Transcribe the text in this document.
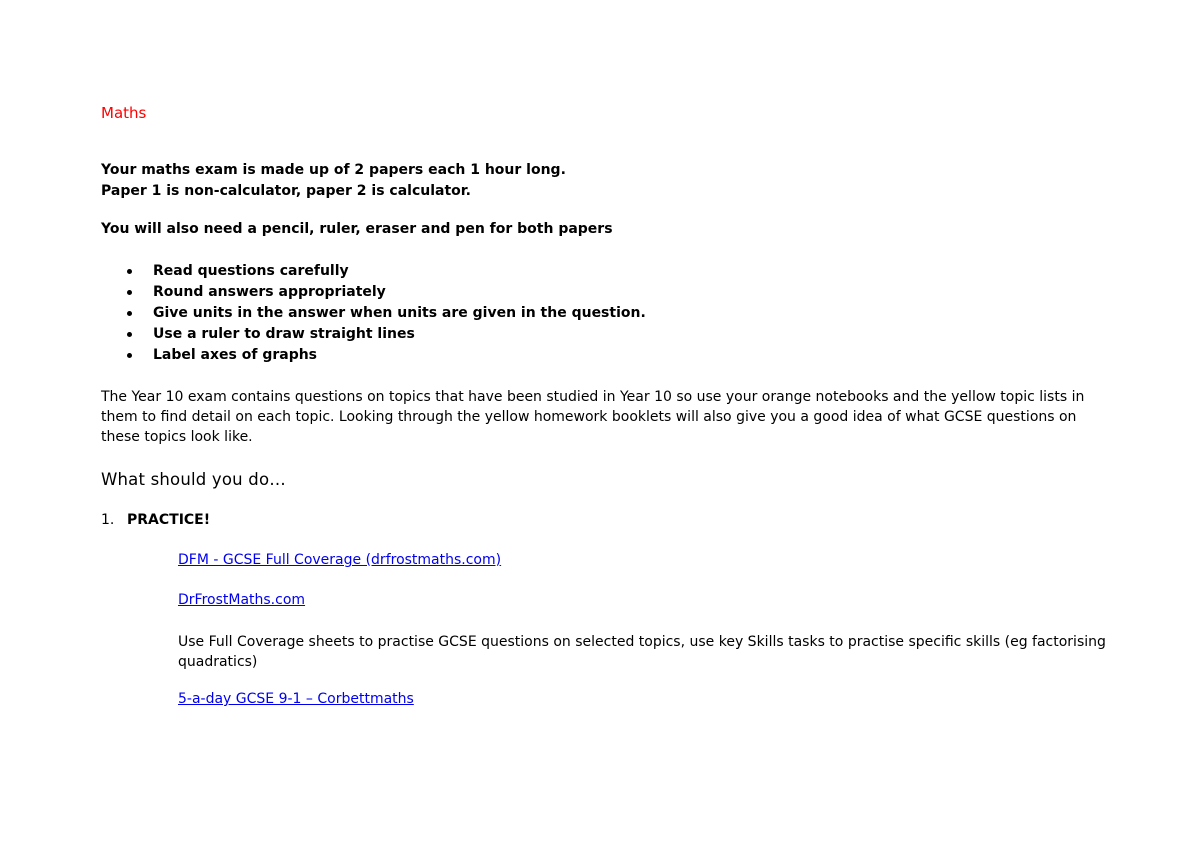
Maths
Your maths exam is made up of 2 papers each 1 hour long.
Paper 1 is non-calculator, paper 2 is calculator.
You will also need a pencil, ruler, eraser and pen for both papers
Read questions carefully
Round answers appropriately
Give units in the answer when units are given in the question.
Use a ruler to draw straight lines
Label axes of graphs
The Year 10 exam contains questions on topics that have been studied in Year 10 so use your orange notebooks and the yellow topic lists in them to find detail on each topic. Looking through the yellow homework booklets will also give you a good idea of what GCSE questions on these topics look like.
What should you do…
1. PRACTICE!
DFM - GCSE Full Coverage (drfrostmaths.com)
DrFrostMaths.com
Use Full Coverage sheets to practise GCSE questions on selected topics, use key Skills tasks to practise specific skills (eg factorising quadratics)
5-a-day GCSE 9-1 – Corbettmaths
